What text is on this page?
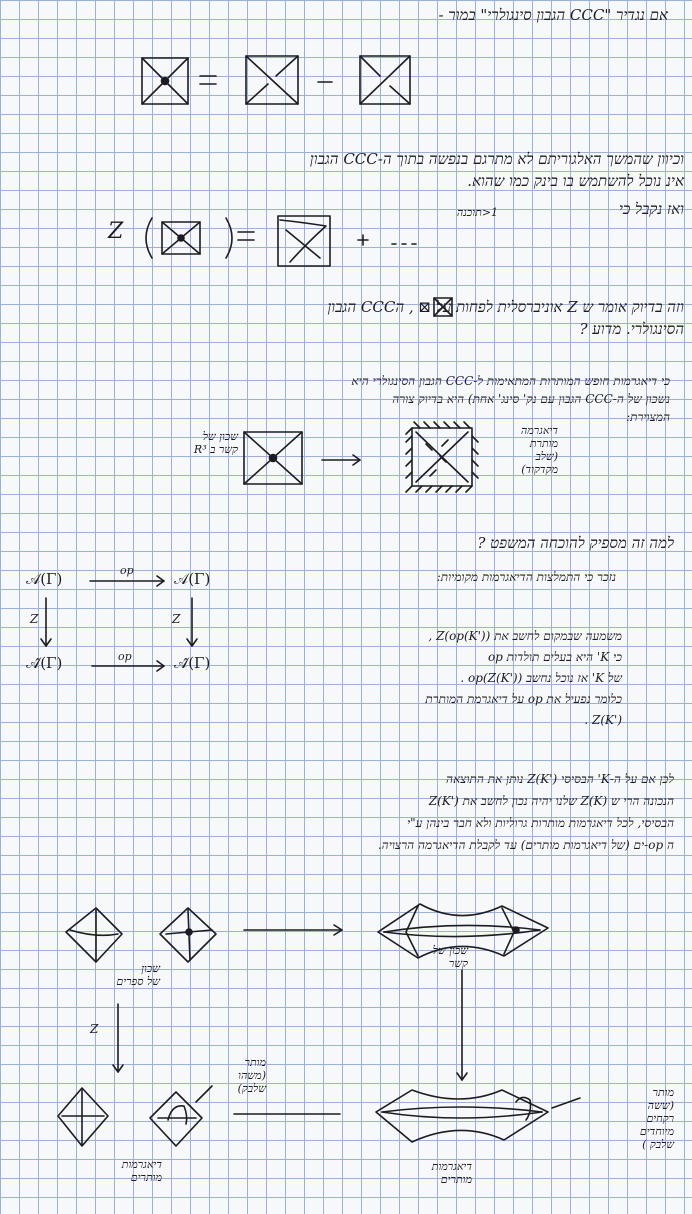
אם נגדיר "CCC הגבון סינגולרי" במור -
וכיוון שהמשך האלגוריתם לא מתרגם בנפשה בתוך ה-CCC הגבון
אינ נוכל להשתמש בו בינק כמו שהוא.
ואז נקבל כי
וזה בדיוק אומר ש Z אוניברסלית לפחות על ⊠ , הCCC הגבון
הסינגולרי. מדוע ?
כי דיאגרמות חופש המותרות המתאימות ל-CCC הגבון הסינגולרי היא
נשכון של ה-CCC הגבון עם נק' סינג' אחת) היא בדיוק צורה
המצוירת:
שכון של
קשר ב R³
דיאגרמה
מותרת
(שלב
מקדקוד)
למה זה מספיק להוכחה המשפט ?
נזכר כי התמלצות הדיאגרמות מקומיות:
משמעה שבמקום לחשב את Z(op(K')) ,
כי K' היא בעלים תולדות op
של K' אז נוכל נחשב op(Z(K')) .
כלומר נפעיל את op על דיאגרמת המותרת
Z(K') .
לכן אם על ה-K' הבסיסי Z(K') נותן את התוצאה
הנכונה הרי ש Z(K) שלנו יהיה נכון לחשב את Z(K')
הבסיסי, לכל דיאגרמות מותרות גרוליות ולא חבר בינהן ע"י
ה op-ים (של דיאגרמות מותרים) עד לקבלת הדיאגרמה הרצויה.
שכון
של ספרים
שכון של
קשר
דיאגרמות
מותרים
דיאגרמות
מותרים
מותר
(משהו
שלבק)	מותר
(ששה
רקחים
מיוחדים
שלבק )
𝒜(Γ)	𝒜(Γ)
𝒜̂(Γ)	𝒜̂(Γ)
op
op
Z	Z
Z
1<תוכנה
Z
